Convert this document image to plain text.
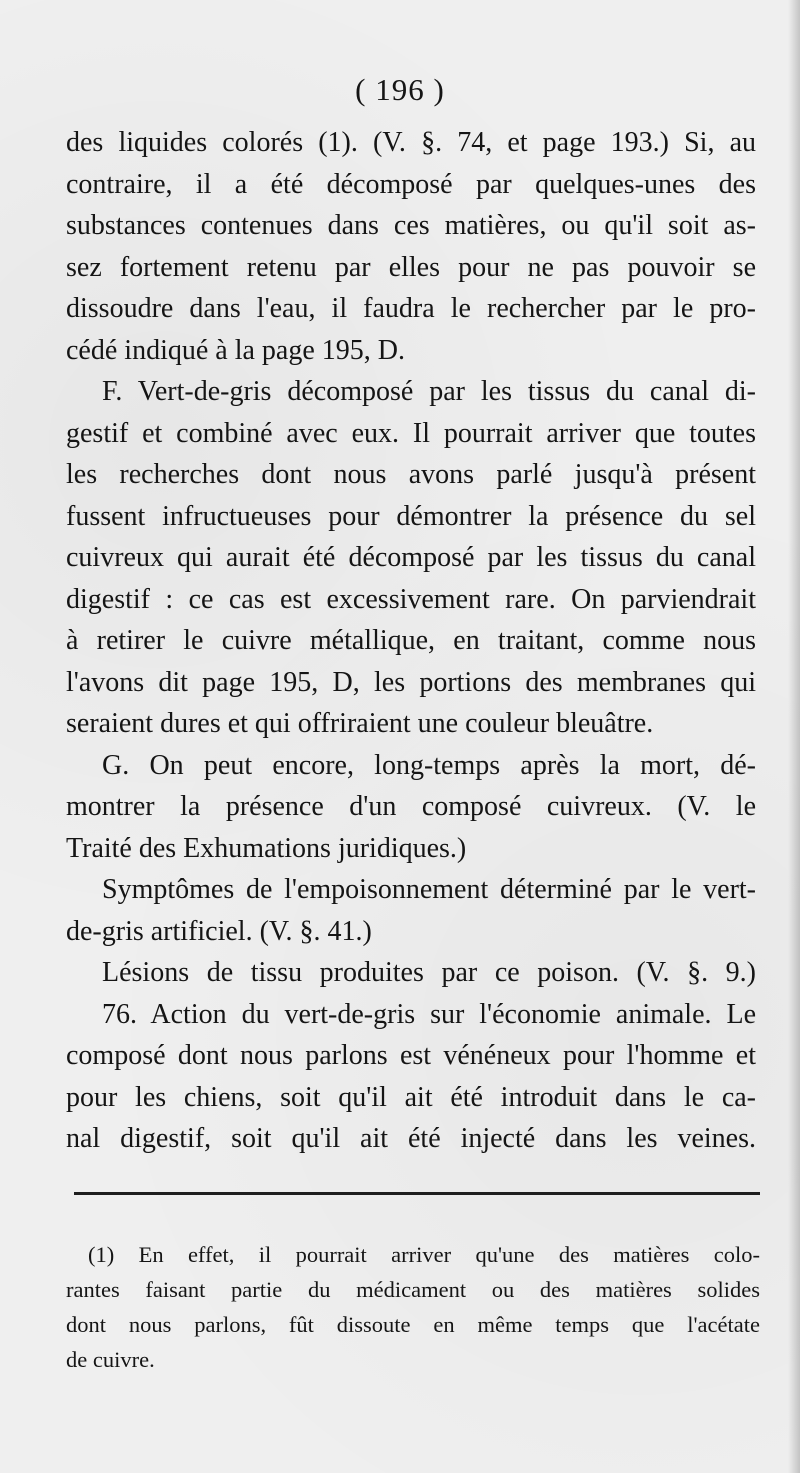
( 196 )
des liquides colorés (1). (V. §. 74, et page 193.) Si, au
contraire, il a été décomposé par quelques-unes des
substances contenues dans ces matières, ou qu'il soit as-
sez fortement retenu par elles pour ne pas pouvoir se
dissoudre dans l'eau, il faudra le rechercher par le pro-
cédé indiqué à la page 195, D.
F. Vert-de-gris décomposé par les tissus du canal di-
gestif et combiné avec eux. Il pourrait arriver que toutes
les recherches dont nous avons parlé jusqu'à présent
fussent infructueuses pour démontrer la présence du sel
cuivreux qui aurait été décomposé par les tissus du canal
digestif : ce cas est excessivement rare. On parviendrait
à retirer le cuivre métallique, en traitant, comme nous
l'avons dit page 195, D, les portions des membranes qui
seraient dures et qui offriraient une couleur bleuâtre.
G. On peut encore, long-temps après la mort, dé-
montrer la présence d'un composé cuivreux. (V. le
Traité des Exhumations juridiques.)
Symptômes de l'empoisonnement déterminé par le vert-
de-gris artificiel. (V. §. 41.)
Lésions de tissu produites par ce poison. (V. §. 9.)
76. Action du vert-de-gris sur l'économie animale. Le
composé dont nous parlons est vénéneux pour l'homme et
pour les chiens, soit qu'il ait été introduit dans le ca-
nal digestif, soit qu'il ait été injecté dans les veines.
(1) En effet, il pourrait arriver qu'une des matières colo-
rantes faisant partie du médicament ou des matières solides
dont nous parlons, fût dissoute en même temps que l'acétate
de cuivre.
